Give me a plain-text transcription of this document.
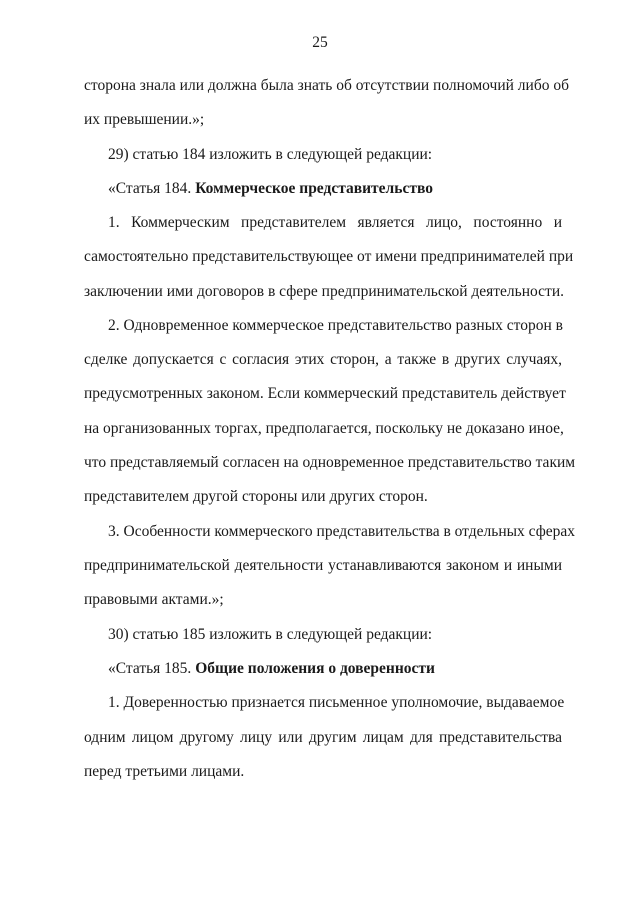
25
сторона знала или должна была знать об отсутствии полномочий либо об
их превышении.»;
29) статью 184 изложить в следующей редакции:
«Статья 184. Коммерческое представительство
1. Коммерческим представителем является лицо, постоянно и
самостоятельно представительствующее от имени предпринимателей при
заключении ими договоров в сфере предпринимательской деятельности.
2. Одновременное коммерческое представительство разных сторон в
сделке допускается с согласия этих сторон, а также в других случаях,
предусмотренных законом. Если коммерческий представитель действует
на организованных торгах, предполагается, поскольку не доказано иное,
что представляемый согласен на одновременное представительство таким
представителем другой стороны или других сторон.
3. Особенности коммерческого представительства в отдельных сферах
предпринимательской деятельности устанавливаются законом и иными
правовыми актами.»;
30) статью 185 изложить в следующей редакции:
«Статья 185. Общие положения о доверенности
1. Доверенностью признается письменное уполномочие, выдаваемое
одним лицом другому лицу или другим лицам для представительства
перед третьими лицами.
